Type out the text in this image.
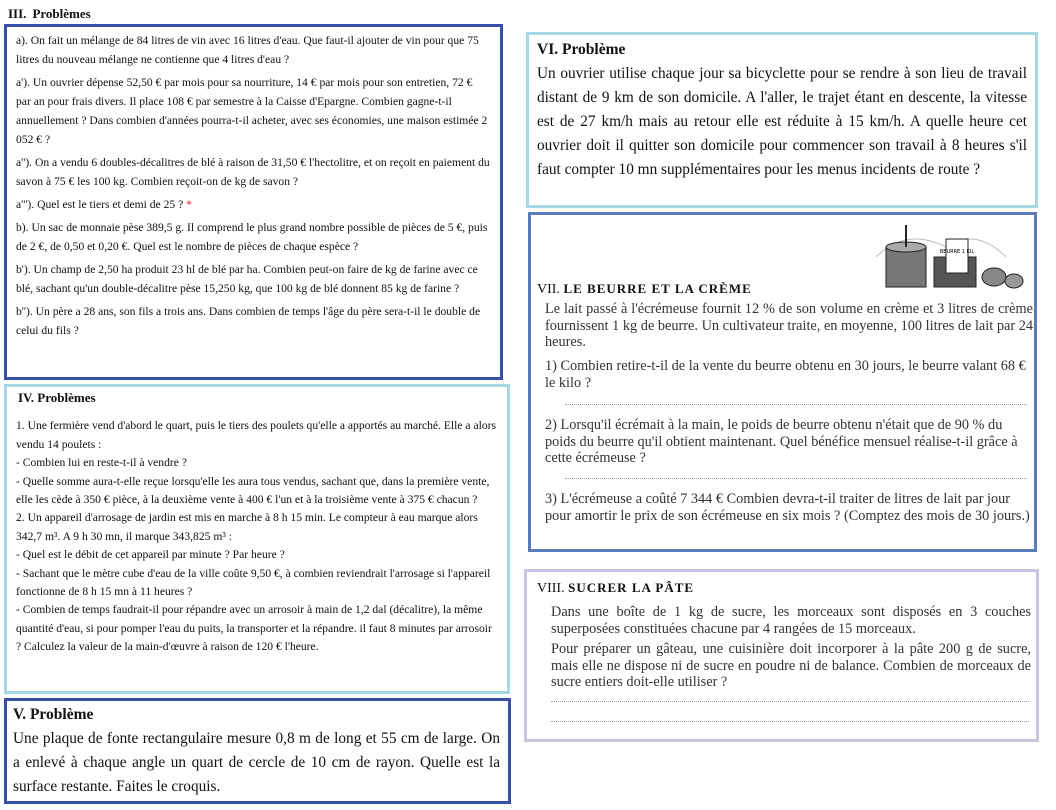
III. Problèmes

a). On fait un mélange de 84 litres de vin avec 16 litres d'eau. Que faut-il ajouter de vin pour que 75 litres du nouveau mélange ne contienne que 4 litres d'eau ?

a'). Un ouvrier dépense 52,50 € par mois pour sa nourriture, 14 € par mois pour son entretien, 72 € par an pour frais divers. Il place 108 € par semestre à la Caisse d'Epargne. Combien gagne-t-il annuellement ? Dans combien d'années pourra-t-il acheter, avec ses économies, une maison estimée 2 052 € ?

a''). On a vendu 6 doubles-décalitres de blé à raison de 31,50 € l'hectolitre, et on reçoit en paiement du savon à 75 € les 100 kg. Combien reçoit-on de kg de savon ?

a'''). Quel est le tiers et demi de 25 ? *

b). Un sac de monnaie pèse 389,5 g. Il comprend le plus grand nombre possible de pièces de 5 €, puis de 2 €, de 0,50 et 0,20 €. Quel est le nombre de pièces de chaque espèce ?

b'). Un champ de 2,50 ha produit 23 hl de blé par ha. Combien peut-on faire de kg de farine avec ce blé, sachant qu'un double-décalitre pèse 15,250 kg, que 100 kg de blé donnent 85 kg de farine ?

b''). Un père a 28 ans, son fils a trois ans. Dans combien de temps l'âge du père sera-t-il le double de celui du fils ?

IV. Problèmes
1. Une fermière vend d'abord le quart, puis le tiers des poulets qu'elle a apportés au marché. Elle a alors vendu 14 poulets :
- Combien lui en reste-t-il à vendre ?
- Quelle somme aura-t-elle reçue lorsqu'elle les aura tous vendus, sachant que, dans la première vente, elle les cède à 350 € pièce, à la deuxième vente à 400 € l'un et à la troisième vente à 375 € chacun ?
2. Un appareil d'arrosage de jardin est mis en marche à 8 h 15 min. Le compteur à eau marque alors 342,7 m³. A 9 h 30 mn, il marque 343,825 m³ :
- Quel est le débit de cet appareil par minute ? Par heure ?
- Sachant que le mètre cube d'eau de la ville coûte 9,50 €, à combien reviendrait l'arrosage si l'appareil fonctionne de 8 h 15 mn à 11 heures ?
- Combien de temps faudrait-il pour répandre avec un arrosoir à main de 1,2 dal (décalitre), la même quantité d'eau, si pour pomper l'eau du puits, la transporter et la répandre. il faut 8 minutes par arrosoir ? Calculez la valeur de la main-d'œuvre à raison de 120 € l'heure.
V. Problème
Une plaque de fonte rectangulaire mesure 0,8 m de long et 55 cm de large. On a enlevé à chaque angle un quart de cercle de 10 cm de rayon. Quelle est la surface restante. Faites le croquis.
VI. Problème
Un ouvrier utilise chaque jour sa bicyclette pour se rendre à son lieu de travail distant de 9 km de son domicile. A l'aller, le trajet étant en descente, la vitesse est de 27 km/h mais au retour elle est réduite à 15 km/h. A quelle heure cet ouvrier doit il quitter son domicile pour commencer son travail à 8 heures s'il faut compter 10 mn supplémentaires pour les menus incidents de route ?
BEURRE 1 KIL
VII. LE BEURRE ET LA CRÈME
Le lait passé à l'écrémeuse fournit 12 % de son volume en crème et 3 litres de crème fournissent 1 kg de beurre. Un cultivateur traite, en moyenne, 100 litres de lait par 24 heures.
1) Combien retire-t-il de la vente du beurre obtenu en 30 jours, le beurre valant 68 € le kilo ?
2) Lorsqu'il écrémait à la main, le poids de beurre obtenu n'était que de 90 % du poids du beurre qu'il obtient maintenant. Quel bénéfice mensuel réalise-t-il grâce à cette écrémeuse ?
3) L'écrémeuse a coûté 7 344 € Combien devra-t-il traiter de litres de lait par jour pour amortir le prix de son écrémeuse en six mois ? (Comptez des mois de 30 jours.)
VIII. SUCRER LA PÂTE
Dans une boîte de 1 kg de sucre, les morceaux sont disposés en 3 couches superposées constituées chacune par 4 rangées de 15 morceaux.
Pour préparer un gâteau, une cuisinière doit incorporer à la pâte 200 g de sucre, mais elle ne dispose ni de sucre en poudre ni de balance. Combien de morceaux de sucre entiers doit-elle utiliser ?
